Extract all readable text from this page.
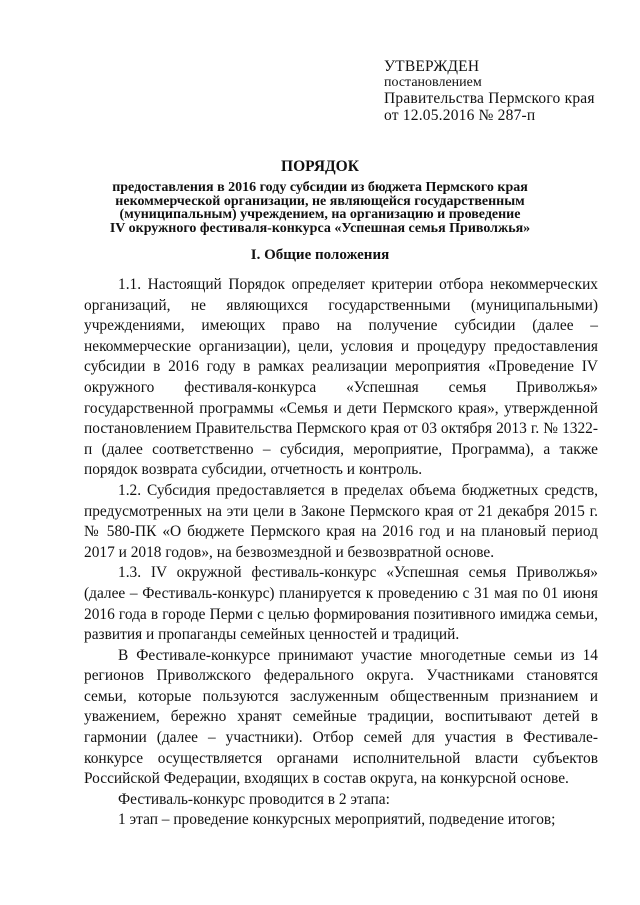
УТВЕРЖДЕН
постановлением
Правительства Пермского края
от 12.05.2016 № 287-п
ПОРЯДОК
предоставления в 2016 году субсидии из бюджета Пермского края
некоммерческой организации, не являющейся государственным
(муниципальным) учреждением, на организацию и проведение
IV окружного фестиваля-конкурса «Успешная семья Приволжья»
I. Общие положения

1.1. Настоящий Порядок определяет критерии отбора некоммерческих организаций, не являющихся государственными (муниципальными) учреждениями, имеющих право на получение субсидии (далее – некоммерческие организации), цели, условия и процедуру предоставления субсидии в 2016 году в рамках реализации мероприятия «Проведение IV окружного фестиваля-конкурса «Успешная семья Приволжья» государственной программы «Семья и дети Пермского края», утвержденной постановлением Правительства Пермского края от 03 октября 2013 г. № 1322-п (далее соответственно – субсидия, мероприятие, Программа), а также порядок возврата субсидии, отчетность и контроль.

1.2. Субсидия предоставляется в пределах объема бюджетных средств, предусмотренных на эти цели в Законе Пермского края от 21 декабря 2015 г. № 580-ПК «О бюджете Пермского края на 2016 год и на плановый период 2017 и 2018 годов», на безвозмездной и безвозвратной основе.

1.3. IV окружной фестиваль-конкурс «Успешная семья Приволжья» (далее – Фестиваль-конкурс) планируется к проведению с 31 мая по 01 июня 2016 года в городе Перми с целью формирования позитивного имиджа семьи, развития и пропаганды семейных ценностей и традиций.

В Фестивале-конкурсе принимают участие многодетные семьи из 14 регионов Приволжского федерального округа. Участниками становятся семьи, которые пользуются заслуженным общественным признанием и уважением, бережно хранят семейные традиции, воспитывают детей в гармонии (далее – участники). Отбор семей для участия в Фестивале-конкурсе осуществляется органами исполнительной власти субъектов Российской Федерации, входящих в состав округа, на конкурсной основе.

Фестиваль-конкурс проводится в 2 этапа:

1 этап – проведение конкурсных мероприятий, подведение итогов;
